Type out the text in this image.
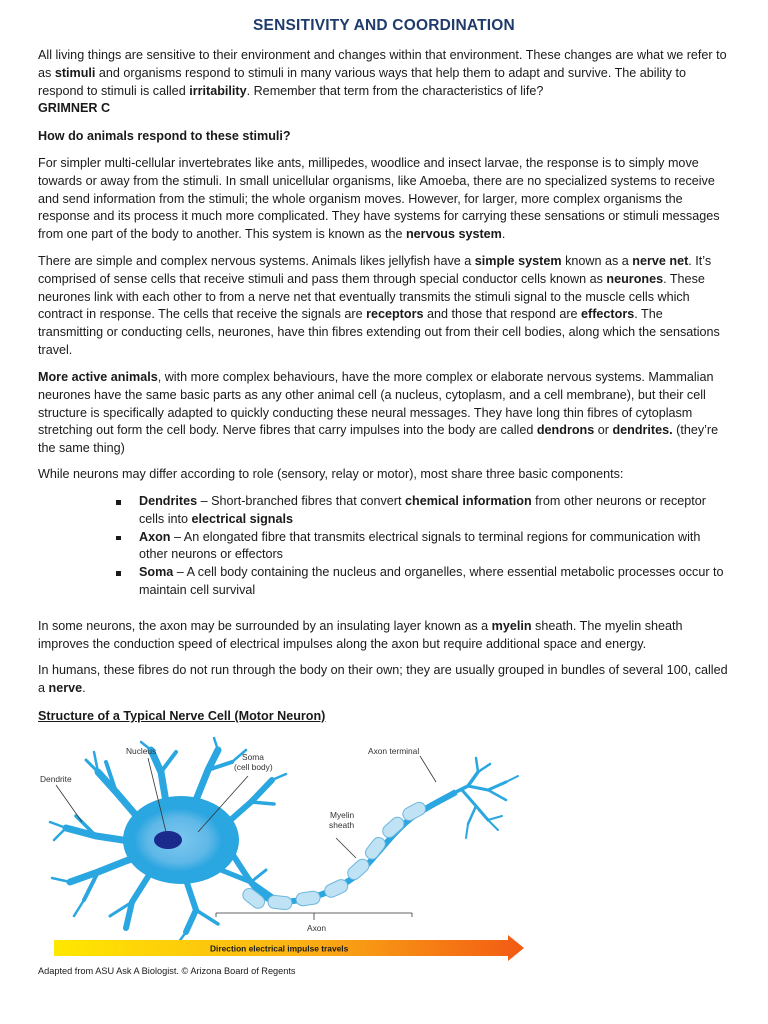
SENSITIVITY AND COORDINATION

All living things are sensitive to their environment and changes within that environment. These changes are what we refer to as stimuli and organisms respond to stimuli in many various ways that help them to adapt and survive. The ability to respond to stimuli is called irritability. Remember that term from the characteristics of life?
GRIMNER C

How do animals respond to these stimuli?

For simpler multi-cellular invertebrates like ants, millipedes, woodlice and insect larvae, the response is to simply move towards or away from the stimuli. In small unicellular organisms, like Amoeba, there are no specialized systems to receive and send information from the stimuli; the whole organism moves. However, for larger, more complex organisms the response and its process it much more complicated. They have systems for carrying these sensations or stimuli messages from one part of the body to another. This system is known as the nervous system.

There are simple and complex nervous systems. Animals likes jellyfish have a simple system known as a nerve net. It’s comprised of sense cells that receive stimuli and pass them through special conductor cells known as neurones. These neurones link with each other to from a nerve net that eventually transmits the stimuli signal to the muscle cells which contract in response. The cells that receive the signals are receptors and those that respond are effectors. The transmitting or conducting cells, neurones, have thin fibres extending out from their cell bodies, along which the sensations travel.

More active animals, with more complex behaviours, have the more complex or elaborate nervous systems. Mammalian neurones have the same basic parts as any other animal cell (a nucleus, cytoplasm, and a cell membrane), but their cell structure is specifically adapted to quickly conducting these neural messages. They have long thin fibres of cytoplasm stretching out form the cell body. Nerve fibres that carry impulses into the body are called dendrons or dendrites. (they’re the same thing)

While neurons may differ according to role (sensory, relay or motor), most share three basic components:

Dendrites – Short-branched fibres that convert chemical information from other neurons or receptor cells into electrical signals
Axon – An elongated fibre that transmits electrical signals to terminal regions for communication with other neurons or effectors
Soma – A cell body containing the nucleus and organelles, where essential metabolic processes occur to maintain cell survival

In some neurons, the axon may be surrounded by an insulating layer known as a myelin sheath. The myelin sheath improves the conduction speed of electrical impulses along the axon but require additional space and energy.

In humans, these fibres do not run through the body on their own; they are usually grouped in bundles of several 100, called a nerve.

Structure of a Typical Nerve Cell (Motor Neuron)
Nucleus
Soma
(cell body)
Dendrite
Axon terminal
Myelin
sheath
Axon
Direction electrical impulse travels
Adapted from ASU Ask A Biologist. © Arizona Board of Regents
